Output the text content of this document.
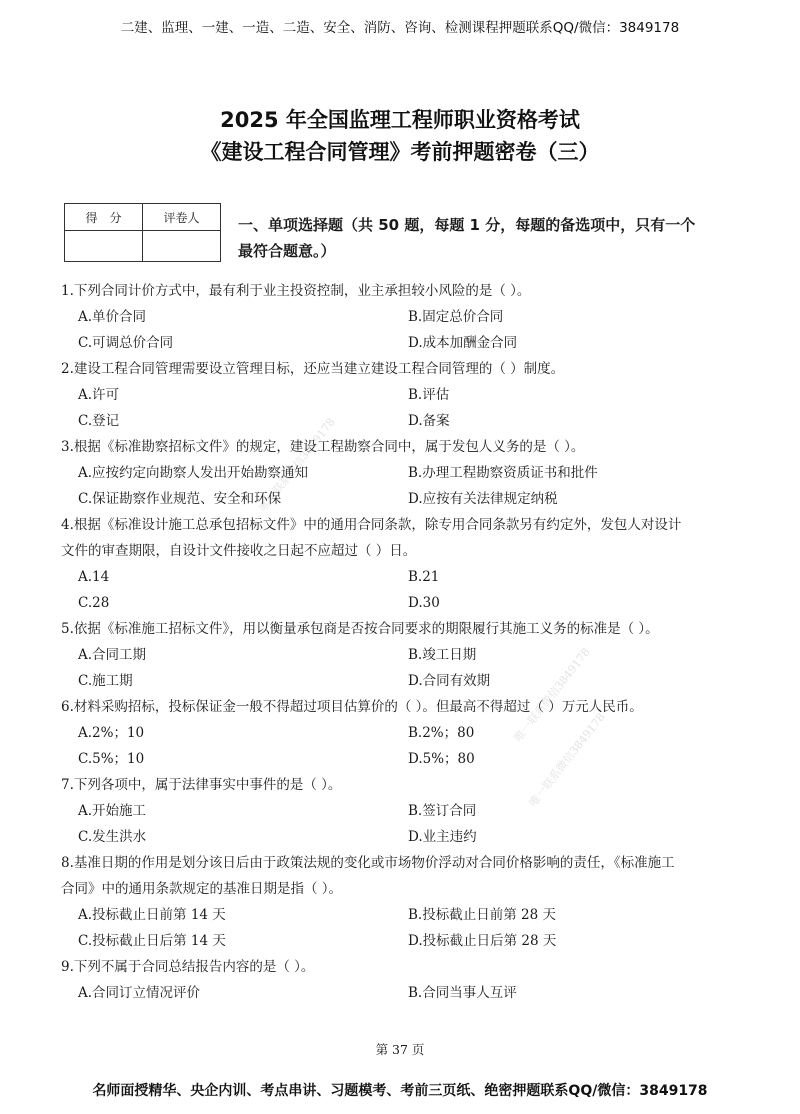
二建、监理、一建、一造、二造、安全、消防、咨询、检测课程押题联系QQ/微信：3849178
2025 年全国监理工程师职业资格考试
《建设工程合同管理》考前押题密卷（三）
得　分	评卷人
		一、单项选择题（共 50 题，每题 1 分，每题的备选项中，只有一个
最符合题意。）
1.下列合同计价方式中，最有利于业主投资控制，业主承担较小风险的是（ ）。
A.单价合同	B.固定总价合同
C.可调总价合同	D.成本加酬金合同
2.建设工程合同管理需要设立管理目标，还应当建立建设工程合同管理的（ ）制度。
A.许可	B.评估
C.登记	D.备案
3.根据《标准勘察招标文件》的规定，建设工程勘察合同中，属于发包人义务的是（ ）。
A.应按约定向勘察人发出开始勘察通知	B.办理工程勘察资质证书和批件
C.保证勘察作业规范、安全和环保	D.应按有关法律规定纳税
4.根据《标准设计施工总承包招标文件》中的通用合同条款，除专用合同条款另有约定外，发包人对设计
文件的审查期限，自设计文件接收之日起不应超过（ ）日。
A.14	B.21
C.28	D.30
5.依据《标准施工招标文件》，用以衡量承包商是否按合同要求的期限履行其施工义务的标准是（ ）。
A.合同工期	B.竣工日期
C.施工期	D.合同有效期
6.材料采购招标，投标保证金一般不得超过项目估算价的（ ）。但最高不得超过（ ）万元人民币。
A.2%；10	B.2%；80
C.5%；10	D.5%；80
7.下列各项中，属于法律事实中事件的是（ ）。
A.开始施工	B.签订合同
C.发生洪水	D.业主违约
8.基准日期的作用是划分该日后由于政策法规的变化或市场物价浮动对合同价格影响的责任，《标准施工
合同》中的通用条款规定的基准日期是指（ ）。
A.投标截止日前第 14 天	B.投标截止日前第 28 天
C.投标截止日后第 14 天	D.投标截止日后第 28 天
9.下列不属于合同总结报告内容的是（ ）。
A.合同订立情况评价	B.合同当事人互评
第 37 页
名师面授精华、央企内训、考点串讲、习题模考、考前三页纸、绝密押题联系QQ/微信：3849178
唯一联系微信3849178
唯一联系微信3849178
唯一联系微信3849178
